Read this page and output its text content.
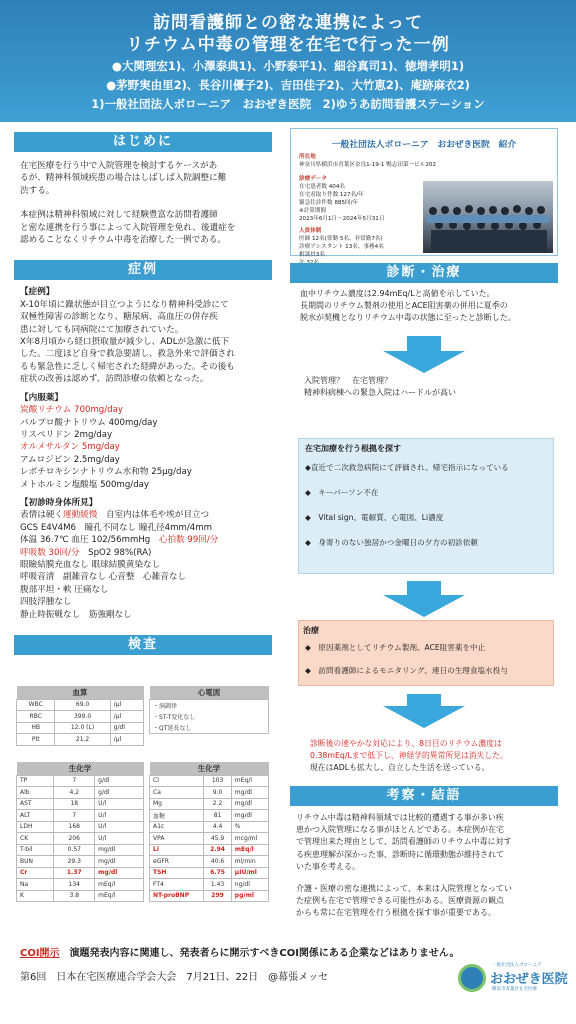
訪問看護師との密な連携によって
リチウム中毒の管理を在宅で行った一例
●大関理宏1)、小澤泰典1)、小野泰平1)、細谷真司1)、徳増孝明1)
●茅野実由里2)、長谷川優子2)、吉田佳子2)、大竹恵2)、庵跡麻衣2)
1)一般社団法人ボローニア　おおぜき医院　2)ゆうあ訪問看護ステーション
はじめに
在宅医療を行う中で入院管理を検討するケースがあ
るが、精神科領域疾患の場合はしばしば入院調整に難
渋する。
本症例は精神科領域に対して経験豊富な訪問看護師
と密な連携を行う事によって入院管理を免れ、後遺症を
認めることなくリチウム中毒を治療した一例である。
症例
【症例】
X-10年頃に躁状態が目立つようになり精神科受診にて
双極性障害の診断となり、糖尿病、高血圧の併存疾
患に対しても同病院にて加療されていた。
X年8月頃から経口摂取量が減少し、ADLが急激に低下
した。二度ほど自身で救急要請し、救急外来で評価され
るも緊急性に乏しく帰宅された経緯があった。その後も
症状の改善は認めず、訪問診療の依頼となった。
【内服薬】
炭酸リチウム 700mg/day
バルプロ酸ナトリウム 400mg/day
リスペリドン 2mg/day
オルメサルタン 5mg/day
アムロジピン 2.5mg/day
レボチロキシンナトリウム水和物 25μg/day
メトホルミン塩酸塩 500mg/day
【初診時身体所見】
表情は硬く運動緩慢　 自室内は体毛や埃が目立つ
GCS E4V4M6　瞳孔不同なし 瞳孔径4mm/4mm
体温 36.7℃ 血圧 102/56mmHg　 心拍数 99回/分
呼吸数 30回/分　 SpO2 98%(RA)
眼瞼結膜充血なし 眼球結膜黄染なし
呼吸音清　副雑音なし 心音整　心雑音なし
腹部平坦・軟 圧痛なし
四肢浮腫なし
静止時振戦なし　筋強剛なし
検査
血算		
WBC	69.0	/μl
RBC	399.0	/μl
HB	12.0 (L)	g/dl
Plt	21.2	/μl
心電図
・洞調律
・ST-T変化なし
・QT延長なし
生化学		
TP	7	g/dl
Alb	4.2	g/dl
AST	18	U/l
ALT	7	U/l
LDH	168	U/l
CK	206	U/l
T-bil	0.57	mg/dl
BUN	29.3	mg/dl
Cr	1.37	mg/dl
Na	134	mEq/l
K	3.8	mEq/l
生化学		
Cl	103	mEq/l
Ca	9.0	mg/dl
Mg	2.2	mg/dl
血糖	81	mg/dl
A1c	4.4	%
VPA	45.9	mcg/ml
Li	2.94	mEq/l
eGFR	40.6	ml/min
TSH	6.75	μIU/ml
FT4	1.43	ng/dl
NT-proBNP	299	pg/ml
一般社団法人ボローニア　おおぜき医院　紹介
所在地
神奈川県横浜市青葉区奈良1-19-1 鴨志田第一ビル202
診療データ
在宅患者数 404名
在宅看取り件数 127名/年
緊急往診件数 885回/年
※計算期間
2023年6月1日～2024年5月31日
人員体制
医師 12名(常勤 5名、非常勤7名)
診療アシスタント 13名、事務4名
相談員3名
診断・治療
血中リチウム濃度は2.94mEq/Lと高値を示していた。
長期間のリチウム製剤の使用とACE阻害薬の併用に夏季の
脱水が契機となりリチウム中毒の状態に至ったと診断した。
入院管理？　在宅管理？
精神科病棟への緊急入院はハードルが高い
在宅加療を行う根拠を探す
◆直近で二次救急病院にて評価され、帰宅指示になっている
◆　キーパーソン不在
◆　Vital sign、電解質、心電図、Li濃度
◆　身寄りのない独居かつ金曜日の夕方の初診依頼
治療
◆　原因薬剤としてリチウム製剤、ACE阻害薬を中止
◆　訪問看護師によるモニタリング、連日の生理食塩水投与
診断後の速やかな対応により、8日目のリチウム濃度は
0.38mEq/Lまで低下し、神経学的異常所見は消失した。
現在はADLも拡大し、自立した生活を送っている。
考察・結語
リチウム中毒は精神科領域では比較的遭遇する事が多い疾
患かつ入院管理になる事がほとんどである。本症例が在宅
で管理出来た理由として、訪問看護師のリチウム中毒に対す
る疾患理解が深かった事、診断時に循環動態が維持されて
いた事を考える。
介護・医療の密な連携によって、本来は入院管理となってい
た症例も在宅で管理できる可能性がある。医療資源の観点
からも常に在宅管理を行う根拠を探す事が重要である。
COI開示　 演題発表内容に関連し、発表者らに開示すべきCOI関係にある企業などはありません。
第6回　日本在宅医療連合学会大会　7月21日、22日　@幕張メッセ
一般社団法人ボローニア
おおぜき医院
横浜市青葉区在宅医療
